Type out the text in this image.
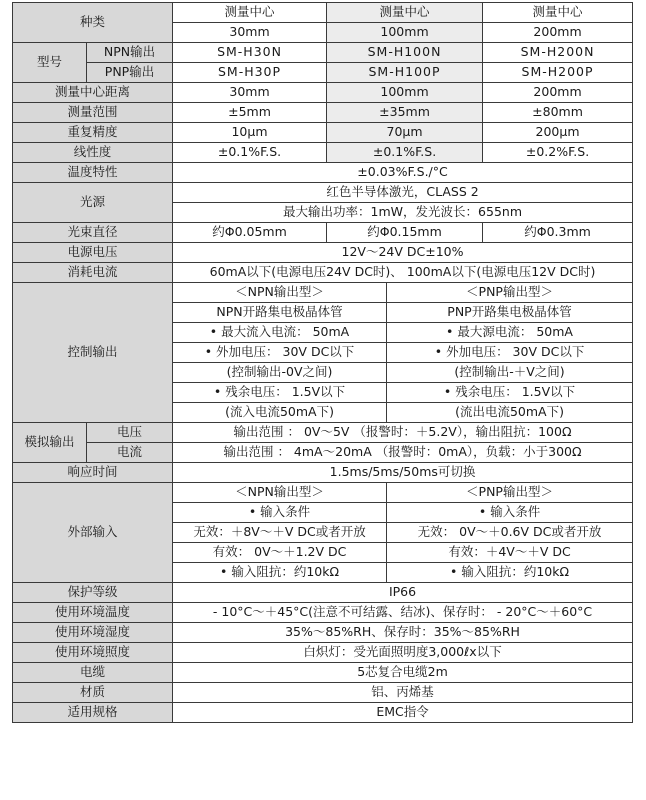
种类		测量中心	测量中心		测量中心
		30mm	100mm		200mm
型号	NPN输出	SM-H30N	SM-H100N		SM-H200N
	PNP输出	SM-H30P	SM-H100P		SM-H200P
测量中心距离		30mm	100mm		200mm
测量范围		±5mm	±35mm		±80mm
重复精度		10μm	70μm		200μm
线性度		±0.1%F.S.	±0.1%F.S.		±0.2%F.S.
温度特性		±0.03%F.S./°C			
光源		红色半导体激光，CLASS 2			
		最大输出功率：1mW，发光波长：655nm			
光束直径		约Φ0.05mm	约Φ0.15mm		约Φ0.3mm
电源电压		12V～24V DC±10%			
消耗电流		60mA以下(电源电压24V DC时)、 100mA以下(电源电压12V DC时)			
控制输出		＜NPN输出型＞		＜PNP输出型＞	
		NPN开路集电极晶体管		PNP开路集电极晶体管	
		• 最大流入电流： 50mA		• 最大源电流： 50mA	
		• 外加电压： 30V DC以下		• 外加电压： 30V DC以下	
		(控制输出-0V之间)		(控制输出-＋V之间)	
		• 残余电压： 1.5V以下		• 残余电压： 1.5V以下	
		(流入电流50mA下)		(流出电流50mA下)	
模拟输出	电压	输出范围 ： 0V～5V （报警时：＋5.2V），输出阻抗：100Ω			
	电流	输出范围 ： 4mA～20mA （报警时：0mA），负载：小于300Ω			
响应时间		1.5ms/5ms/50ms可切换			
外部输入		＜NPN输出型＞		＜PNP输出型＞	
		• 输入条件		• 输入条件	
		无效：＋8V～＋V DC或者开放		无效： 0V～＋0.6V DC或者开放	
		有效： 0V～＋1.2V DC		有效：＋4V～＋V DC	
		• 输入阻抗：约10kΩ		• 输入阻抗：约10kΩ	
保护等级		IP66			
使用环境温度		- 10°C～＋45°C(注意不可结露、结冰)、保存时： - 20°C～＋60°C			
使用环境湿度		35%～85%RH、保存时：35%～85%RH			
使用环境照度		白炽灯：受光面照明度3,000ℓx以下			
电缆		5芯复合电缆2m			
材质		铝、丙烯基			
适用规格		EMC指令			
